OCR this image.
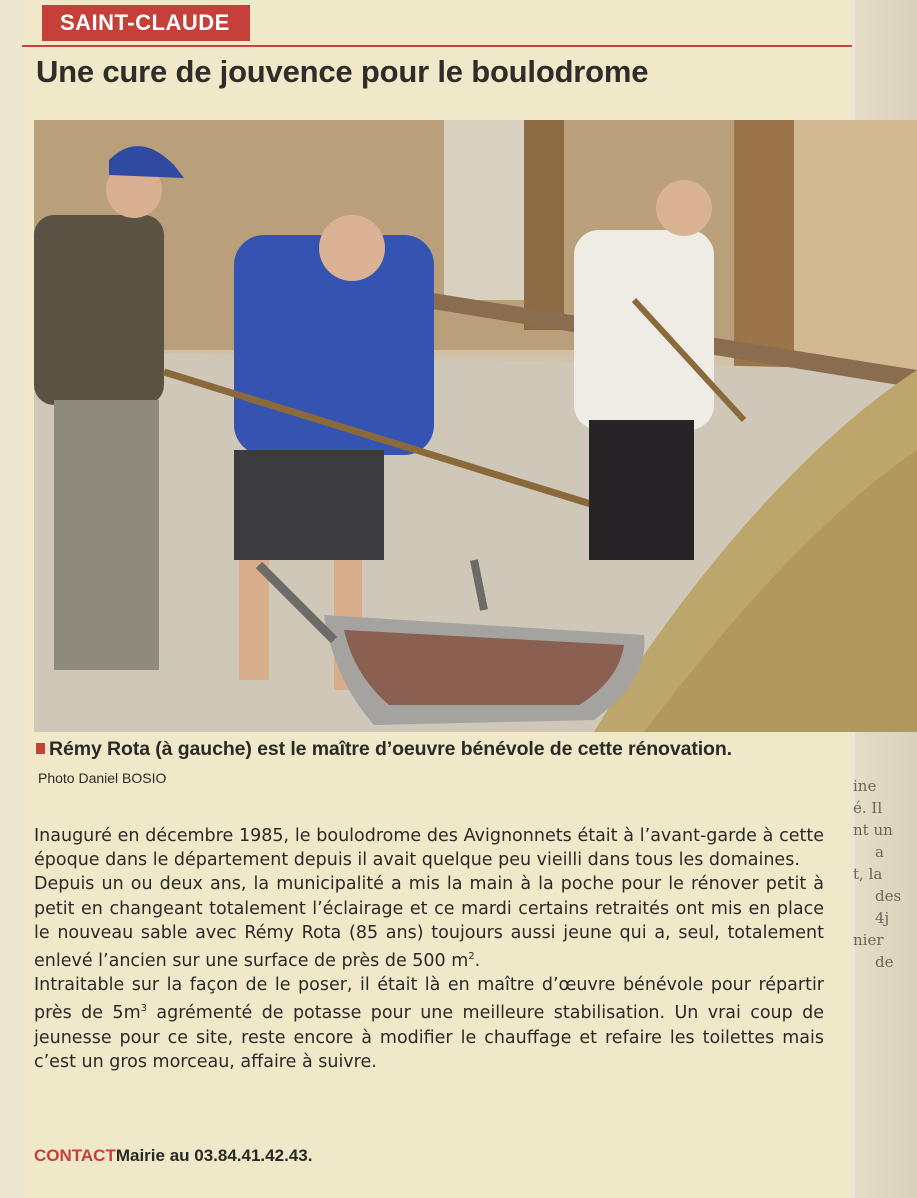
SAINT-CLAUDE
Une cure de jouvence pour le boulodrome
Rémy Rota (à gauche) est le maître d’oeuvre bénévole de cette rénovation.
Photo Daniel BOSIO

Inauguré en décembre 1985, le boulodrome des Avignonnets était à l’avant-garde à cette époque dans le département depuis il avait quelque peu vieilli dans tous les domaines.

Depuis un ou deux ans, la municipalité a mis la main à la poche pour le rénover petit à petit en changeant totalement l’éclairage et ce mardi certains retraités ont mis en place le nouveau sable avec Rémy Rota (85 ans) toujours aussi jeune qui a, seul, totalement enlevé l’ancien sur une surface de près de 500 $m^2$.

Intraitable sur la façon de le poser, il était là en maître d’œuvre bénévole pour répartir près de $5m^3$ agrémenté de potasse pour une meilleure stabilisation. Un vrai coup de jeunesse pour ce site, reste encore à modifier le chauffage et refaire les toilettes mais c’est un gros morceau, affaire à suivre.

CONTACTMairie au 03.84.41.42.43.
ine
é. Il
nt un
a
t, la
des
4j
nier
de
